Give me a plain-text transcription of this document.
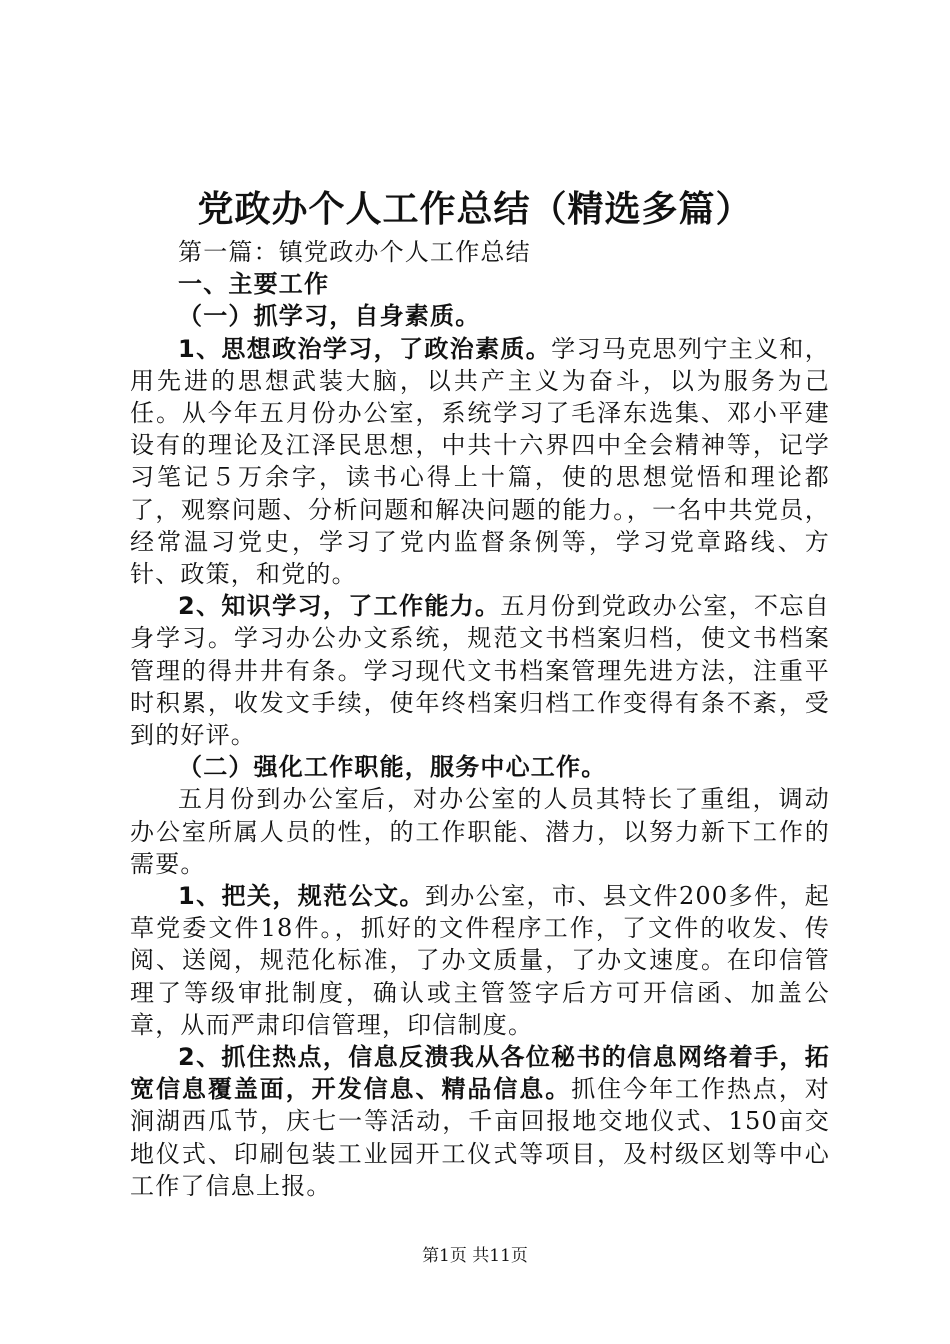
党政办个人工作总结（精选多篇）

第一篇：镇党政办个人工作总结

一、主要工作

（一）抓学习，自身素质。

1、思想政治学习，了政治素质。学习马克思列宁主义和，用先进的思想武装大脑，以共产主义为奋斗，以为服务为己任。从今年五月份办公室，系统学习了毛泽东选集、邓小平建设有的理论及江泽民思想，中共十六界四中全会精神等，记学习笔记５万余字，读书心得上十篇，使的思想觉悟和理论都了，观察问题、分析问题和解决问题的能力。，一名中共党员，经常温习党史，学习了党内监督条例等，学习党章路线、方针、政策，和党的。

2、知识学习，了工作能力。五月份到党政办公室，不忘自身学习。学习办公办文系统，规范文书档案归档，使文书档案管理的得井井有条。学习现代文书档案管理先进方法，注重平时积累，收发文手续，使年终档案归档工作变得有条不紊，受到的好评。

（二）强化工作职能，服务中心工作。

五月份到办公室后，对办公室的人员其特长了重组，调动办公室所属人员的性，的工作职能、潜力，以努力新下工作的需要。

1、把关，规范公文。到办公室，市、县文件200多件，起草党委文件18件。，抓好的文件程序工作，了文件的收发、传阅、送阅，规范化标准，了办文质量，了办文速度。在印信管理了等级审批制度，确认或主管签字后方可开信函、加盖公章，从而严肃印信管理，印信制度。

2、抓住热点，信息反溃我从各位秘书的信息网络着手，拓宽信息覆盖面，开发信息、精品信息。抓住今年工作热点，对涧湖西瓜节，庆七一等活动，千亩回报地交地仪式、150亩交地仪式、印刷包装工业园开工仪式等项目，及村级区划等中心工作了信息上报。

第1页 共11页
